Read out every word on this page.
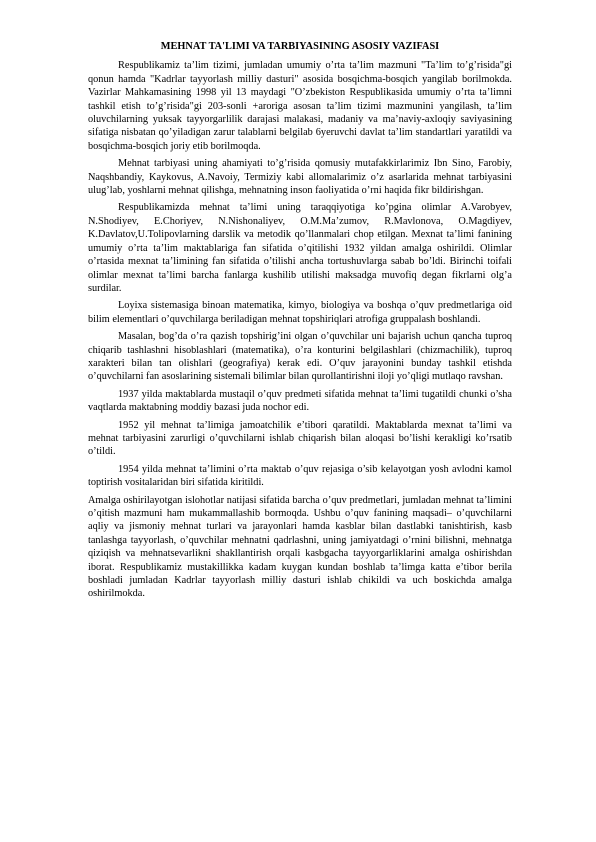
MEHNAT TA'LIMI VA TARBIYASINING ASOSIY VAZIFASI

Respublikamiz ta’lim tizimi, jumladan umumiy o’rta ta’lim mazmuni "Ta’lim to’g’risida"gi qonun hamda "Kadrlar tayyorlash milliy dasturi" asosida bosqichma-bosqich yangilab borilmokda. Vazirlar Mahkamasining 1998 yil 13 maydagi "O’zbekiston Respublikasida umumiy o’rta ta’limni tashkil etish to’g’risida"gi 203-sonli +aroriga asosan ta’lim tizimi mazmunini yangilash, ta’lim oluvchilarning yuksak tayyorgarlilik darajasi malakasi, madaniy va ma’naviy-axloqiy saviyasining sifatiga nisbatan qo’yiladigan zarur talablarni belgilab 6yeruvchi davlat ta’lim standartlari yaratildi va bosqichma-bosqich joriy etib borilmoqda.

Mehnat tarbiyasi uning ahamiyati to’g’risida qomusiy mutafakkirlarimiz Ibn Sino, Farobiy, Naqshbandiy, Kaykovus, A.Navoiy, Termiziy kabi allomalarimiz o’z asarlarida mehnat tarbiyasini ulug’lab, yoshlarni mehnat qilishga, mehnatning inson faoliyatida o’rni haqida fikr bildirishgan.

Respublikamizda mehnat ta’limi uning taraqqiyotiga ko’pgina olimlar A.Varobyev, N.Shodiyev, E.Choriyev, N.Nishonaliyev, O.M.Ma’zumov, R.Mavlonova, O.Magdiyev, K.Davlatov,U.Tolipovlarning darslik va metodik qo’llanmalari chop etilgan. Mexnat ta’limi fanining umumiy o’rta ta’lim maktablariga fan sifatida o’qitilishi 1932 yildan amalga oshirildi. Olimlar o’rtasida mexnat ta’limining fan sifatida o’tilishi ancha tortushuvlarga sabab bo’ldi. Birinchi toifali olimlar mexnat ta’limi barcha fanlarga kushilib utilishi maksadga muvofiq degan fikrlarni olg’a surdilar.

Loyixa sistemasiga binoan matematika, kimyo, biologiya va boshqa o’quv predmetlariga oid bilim elementlari o’quvchilarga beriladigan mehnat topshiriqlari atrofiga gruppalash boshlandi.

Masalan, bog’da o’ra qazish topshirig’ini olgan o’quvchilar uni bajarish uchun qancha tuproq chiqarib tashlashni hisoblashlari (matematika), o’ra konturini belgilashlari (chizmachilik), tuproq xarakteri bilan tan olishlari (geografiya) kerak edi. O’quv jarayonini bunday tashkil etishda o’quvchilarni fan asoslarining sistemali bilimlar bilan qurollantirishni iloji yo’qligi mutlaqo ravshan.

1937 yilda maktablarda mustaqil o’quv predmeti sifatida mehnat ta’limi tugatildi chunki o’sha vaqtlarda maktabning moddiy bazasi juda nochor edi.

1952 yil mehnat ta’limiga jamoatchilik e’tibori qaratildi. Maktablarda mexnat ta’limi va mehnat tarbiyasini zarurligi o’quvchilarni ishlab chiqarish bilan aloqasi bo’lishi kerakligi ko’rsatib o’tildi.

1954 yilda mehnat ta’limini o’rta maktab o’quv rejasiga o’sib kelayotgan yosh avlodni kamol toptirish vositalaridan biri sifatida kiritildi.

Amalga oshirilayotgan islohotlar natijasi sifatida barcha o’quv predmetlari, jumladan mehnat ta’limini o’qitish mazmuni ham mukammallashib bormoqda. Ushbu o’quv fanining maqsadi– o’quvchilarni aqliy va jismoniy mehnat turlari va jarayonlari hamda kasblar bilan dastlabki tanishtirish, kasb tanlashga tayyorlash, o’quvchilar mehnatni qadrlashni, uning jamiyatdagi o’rnini bilishni, mehnatga qiziqish va mehnatsevarlikni shakllantirish orqali kasbgacha tayyorgarliklarini amalga oshirishdan iborat. Respublikamiz mustakillikka kadam kuygan kundan boshlab ta’limga katta e’tibor berila boshladi jumladan Kadrlar tayyorlash milliy dasturi ishlab chikildi va uch boskichda amalga oshirilmokda.
